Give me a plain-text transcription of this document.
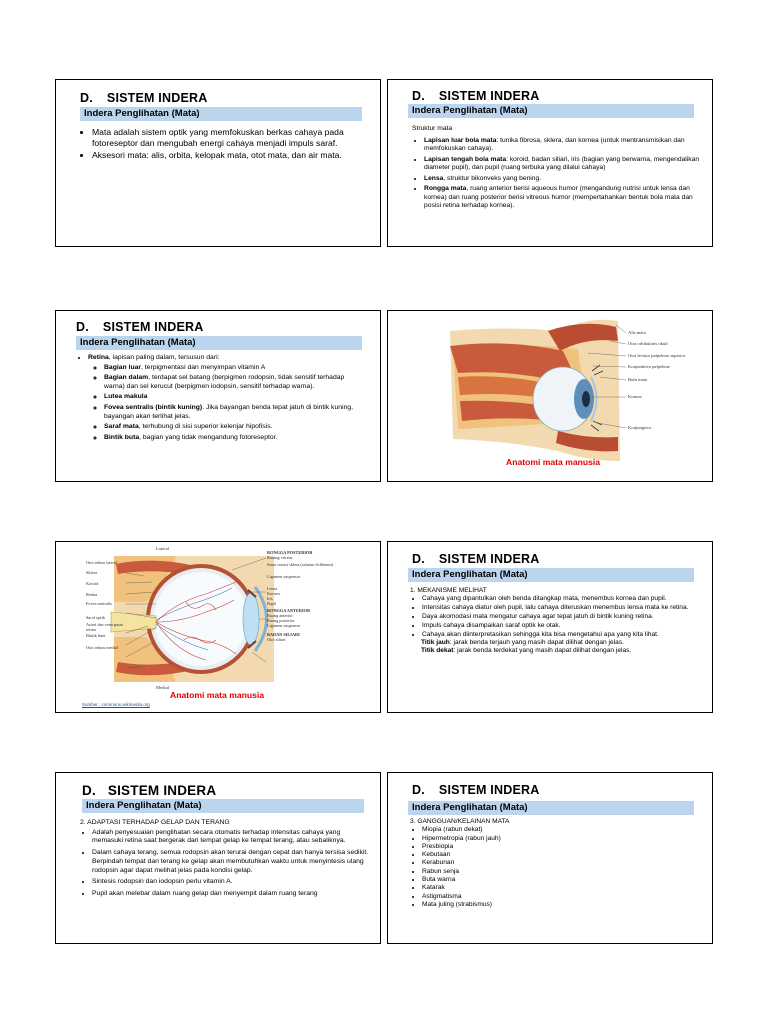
D. SISTEM INDERA
Indera Penglihatan (Mata)
• Mata adalah sistem optik yang memfokuskan berkas cahaya pada fotoreseptor dan mengubah energi cahaya menjadi impuls saraf.
• Aksesori mata: alis, orbita, kelopak mata, otot mata, dan air mata.
D. SISTEM INDERA
Indera Penglihatan (Mata)
Struktur mata
• Lapisan luar bola mata: tunika fibrosa, sklera, dan kornea (untuk mentransmisikan dan memfokuskan cahaya).
• Lapisan tengah bola mata: koroid, badan siliari, iris (bagian yang berwarna, mengendalikan diameter pupil), dan pupil (ruang terbuka yang dilalui cahaya)
• Lensa, struktur bikonveks yang bening.
• Rongga mata, ruang anterior berisi aqueous humor (mengandung nutrisi untuk lensa dan kornea) dan ruang posterior berisi vitreous humor (mempertahankan bentuk bola mata dan posisi retina terhadap kornea).
D. SISTEM INDERA
Indera Penglihatan (Mata)
• Retina, lapisan paling dalam, tersusun dari:
◦ Bagian luar, terpigmentasi dan menyimpan vitamin A
◦ Bagian dalam, terdapat sel batang (berpigmen rodopsin, tidak sensitif terhadap warna) dan sel kerucut (berpigmen iodopsin, sensitif terhadap warna).
◦ Lutea makula
◦ Fovea sentralis (bintik kuning). Jika bayangan benda tepat jatuh di bintik kuning, bayangan akan terlihat jelas.
◦ Saraf mata, terhubung di sisi superior kelenjar hipofisis.
◦ Bintik buta, bagian yang tidak mengandung fotoreseptor.
Alis mata
Otot orbikularis okuli
Otot levator palpebrae superior
Konjunktiva palpebrae
Bulu mata
Kornea
Konjungtiva
Anatomi mata manusia
Lateral
Medial
Otot rektus lateral
Sklera
Koroid
Retina
Fovea sentralis
Saraf optik
Arteri dan vena pusat retina
Bintik buta
Otot rektus medial
RONGGA POSTERIOR
Rasang vitreus
Sinar venasi sklera (saluran Schlemm)
Ligamen suspensor
Lensa
Kornea
Iris
Pupil
RONGGA ANTERIOR
Ruang anterior
Ruang posterior
Ligamen suspensor
BADAN SILIARI
Otot siliari
Anatomi mata manusia
Sumber : commons.wikimedia.org
D. SISTEM INDERA
Indera Penglihatan (Mata)
1. MEKANISME MELIHAT
• Cahaya yang dipantulkan oleh benda ditangkap mata, menembus kornea dan pupil.
• Intensitas cahaya diatur oleh pupil, lalu cahaya diteruskan menembus lensa mata ke retina.
• Daya akomodasi mata mengatur cahaya agar tepat jatuh di bintik kuning retina.
• Impuls cahaya disampaikan saraf optik ke otak.
• Cahaya akan diinterpretasikan sehingga kita bisa mengetahui apa yang kita lihat.
Titik jauh: jarak benda terjauh yang masih dapat dilihat dengan jelas.
Titik dekat: jarak benda terdekat yang masih dapat dilihat dengan jelas.
D. SISTEM INDERA
Indera Penglihatan (Mata)
2. ADAPTASI TERHADAP GELAP DAN TERANG
• Adalah penyesuaian penglihatan secara otomatis terhadap intensitas cahaya yang memasuki retina saat bergerak dari tempat gelap ke tempat terang, atau sebaliknya.
• Dalam cahaya terang, semua rodopsin akan terurai dengan cepat dan hanya tersisa sedikit. Berpindah tempat dari terang ke gelap akan membutuhkan waktu untuk menyintesis ulang rodopsin agar dapat melihat jelas pada kondisi gelap.
• Sintesis rodopsin dan iodopsin perlu vitamin A.
• Pupil akan melebar dalam ruang gelap dan menyempit dalam ruang terang
D. SISTEM INDERA
Indera Penglihatan (Mata)
3. GANGGUAN/KELAINAN MATA
• Miopia (rabun dekat)
• Hipermetropia (rabun jauh)
• Presbiopia
• Kebutaan
• Kerabunan
• Rabun senja
• Buta warna
• Katarak
• Astigmatisma
• Mata juling (strabismus)
